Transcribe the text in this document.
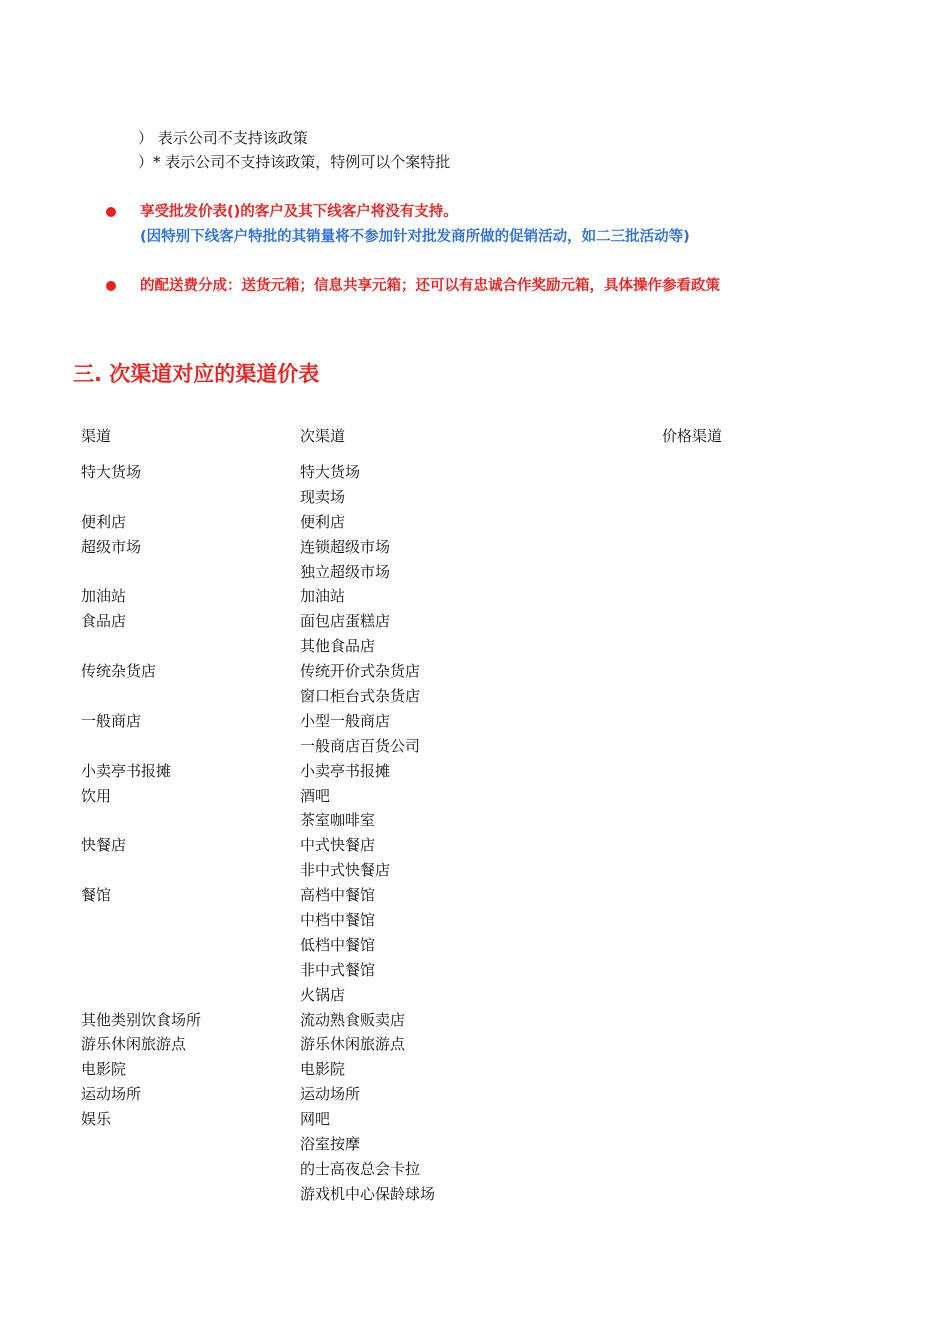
） 表示公司不支持该政策
）* 表示公司不支持该政策，特例可以个案特批
享受批发价表()的客户及其下线客户将没有支持。
(因特别下线客户特批的其销量将不参加针对批发商所做的促销活动，如二三批活动等)
的配送费分成：送货元箱；信息共享元箱；还可以有忠诚合作奖励元箱，具体操作参看政策
三. 次渠道对应的渠道价表
渠道	次渠道	价格渠道
特大货场	特大货场
现卖场
便利店	便利店
超级市场	连锁超级市场
独立超级市场
加油站	加油站
食品店	面包店蛋糕店
其他食品店
传统杂货店	传统开价式杂货店
窗口柜台式杂货店
一般商店	小型一般商店
一般商店百货公司
小卖亭书报摊	小卖亭书报摊
饮用	酒吧
茶室咖啡室
快餐店	中式快餐店
非中式快餐店
餐馆	高档中餐馆
中档中餐馆
低档中餐馆
非中式餐馆
火锅店
其他类别饮食场所	流动熟食贩卖店
游乐休闲旅游点	游乐休闲旅游点
电影院	电影院
运动场所	运动场所
娱乐	网吧
浴室按摩
的士高夜总会卡拉
游戏机中心保龄球场
